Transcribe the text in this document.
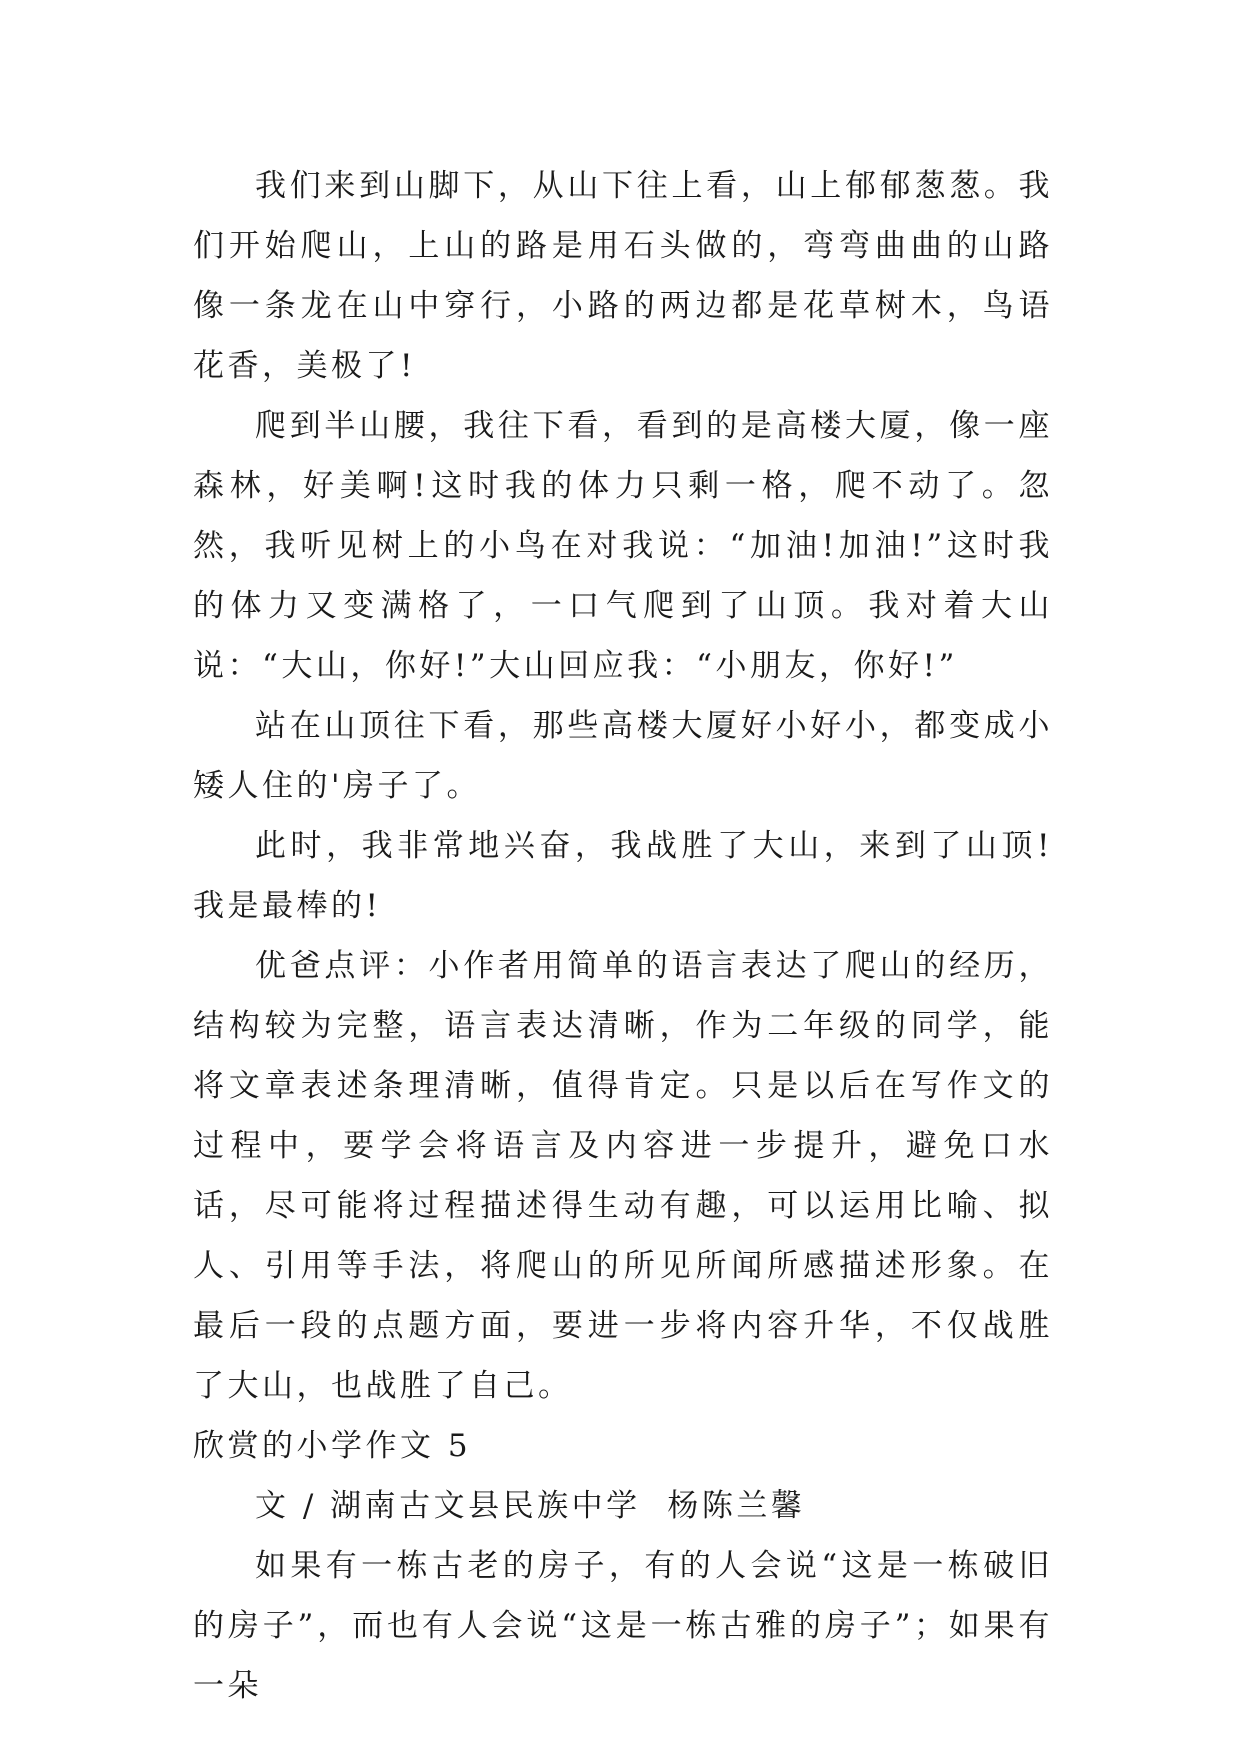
我们来到山脚下，从山下往上看，山上郁郁葱葱。我们开始爬山，上山的路是用石头做的，弯弯曲曲的山路像一条龙在山中穿行，小路的两边都是花草树木，鸟语花香，美极了!

爬到半山腰，我往下看，看到的是高楼大厦，像一座森林，好美啊!这时我的体力只剩一格，爬不动了。忽然，我听见树上的小鸟在对我说：“加油!加油!”这时我的体力又变满格了，一口气爬到了山顶。我对着大山说：“大山，你好!”大山回应我：“小朋友，你好!”

站在山顶往下看，那些高楼大厦好小好小，都变成小矮人住的'房子了。

此时，我非常地兴奋，我战胜了大山，来到了山顶!我是最棒的!

优爸点评：小作者用简单的语言表达了爬山的经历，结构较为完整，语言表达清晰，作为二年级的同学，能将文章表述条理清晰，值得肯定。只是以后在写作文的过程中，要学会将语言及内容进一步提升，避免口水话，尽可能将过程描述得生动有趣，可以运用比喻、拟人、引用等手法，将爬山的所见所闻所感描述形象。在最后一段的点题方面，要进一步将内容升华，不仅战胜了大山，也战胜了自己。

欣赏的小学作文 5

文 / 湖南古文县民族中学  杨陈兰馨

如果有一栋古老的房子，有的人会说“这是一栋破旧的房子”，而也有人会说“这是一栋古雅的房子”；如果有一朵
